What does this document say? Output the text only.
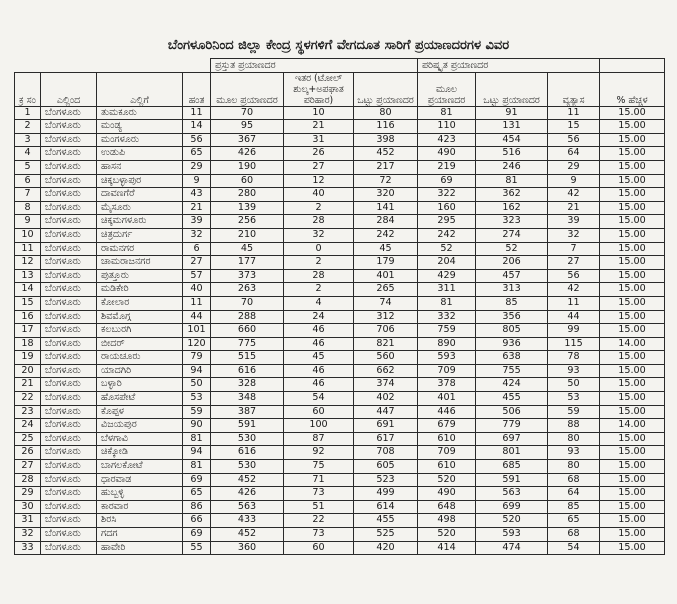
ಬೆಂಗಳೂರಿನಿಂದ ಜಿಲ್ಲಾ ಕೇಂದ್ರ ಸ್ಥಳಗಳಿಗೆ ವೇಗದೂತ ಸಾರಿಗೆ ಪ್ರಯಾಣದರಗಳ ವಿವರ
				ಪ್ರಸ್ತುತ ಪ್ರಯಾಣದರ			ಪರಿಷ್ಕೃತ ಪ್ರಯಾಣದರ			
ಕ್ರ ಸಂ	ಎಲ್ಲಿಂದ	ಎಲ್ಲಿಗೆ	ಹಂತ	ಮೂಲ ಪ್ರಯಾಣದರ	ಇತರ (ಟೋಲ್ ಶುಲ್ಕ+ಅಪಘಾತ ಪರಿಹಾರ)	ಒಟ್ಟು ಪ್ರಯಾಣದರ	ಮೂಲ ಪ್ರಯಾಣದರ	ಒಟ್ಟು ಪ್ರಯಾಣದರ	ವ್ಯತ್ಯಾಸ	% ಹೆಚ್ಚಳ
1	ಬೆಂಗಳೂರು	ತುಮಕೂರು	11	70	10	80	81	91	11	15.00
2	ಬೆಂಗಳೂರು	ಮಂಡ್ಯ	14	95	21	116	110	131	15	15.00
3	ಬೆಂಗಳೂರು	ಮಂಗಳೂರು	56	367	31	398	423	454	56	15.00
4	ಬೆಂಗಳೂರು	ಉಡುಪಿ	65	426	26	452	490	516	64	15.00
5	ಬೆಂಗಳೂರು	ಹಾಸನ	29	190	27	217	219	246	29	15.00
6	ಬೆಂಗಳೂರು	ಚಿಕ್ಕಬಳ್ಳಾಪುರ	9	60	12	72	69	81	9	15.00
7	ಬೆಂಗಳೂರು	ದಾವಣಗೆರೆ	43	280	40	320	322	362	42	15.00
8	ಬೆಂಗಳೂರು	ಮೈಸೂರು	21	139	2	141	160	162	21	15.00
9	ಬೆಂಗಳೂರು	ಚಿಕ್ಕಮಗಳೂರು	39	256	28	284	295	323	39	15.00
10	ಬೆಂಗಳೂರು	ಚಿತ್ರದುರ್ಗ	32	210	32	242	242	274	32	15.00
11	ಬೆಂಗಳೂರು	ರಾಮನಗರ	6	45	0	45	52	52	7	15.00
12	ಬೆಂಗಳೂರು	ಚಾಮರಾಜನಗರ	27	177	2	179	204	206	27	15.00
13	ಬೆಂಗಳೂರು	ಪುತ್ತೂರು	57	373	28	401	429	457	56	15.00
14	ಬೆಂಗಳೂರು	ಮಡಿಕೇರಿ	40	263	2	265	311	313	42	15.00
15	ಬೆಂಗಳೂರು	ಕೋಲಾರ	11	70	4	74	81	85	11	15.00
16	ಬೆಂಗಳೂರು	ಶಿವಮೊಗ್ಗ	44	288	24	312	332	356	44	15.00
17	ಬೆಂಗಳೂರು	ಕಲಬುರಗಿ	101	660	46	706	759	805	99	15.00
18	ಬೆಂಗಳೂರು	ಬೀದರ್	120	775	46	821	890	936	115	14.00
19	ಬೆಂಗಳೂರು	ರಾಯಚೂರು	79	515	45	560	593	638	78	15.00
20	ಬೆಂಗಳೂರು	ಯಾದಗಿರಿ	94	616	46	662	709	755	93	15.00
21	ಬೆಂಗಳೂರು	ಬಳ್ಳಾರಿ	50	328	46	374	378	424	50	15.00
22	ಬೆಂಗಳೂರು	ಹೊಸಪೇಟೆ	53	348	54	402	401	455	53	15.00
23	ಬೆಂಗಳೂರು	ಕೊಪ್ಪಳ	59	387	60	447	446	506	59	15.00
24	ಬೆಂಗಳೂರು	ವಿಜಯಪುರ	90	591	100	691	679	779	88	14.00
25	ಬೆಂಗಳೂರು	ಬೆಳಗಾವಿ	81	530	87	617	610	697	80	15.00
26	ಬೆಂಗಳೂರು	ಚಿಕ್ಕೋಡಿ	94	616	92	708	709	801	93	15.00
27	ಬೆಂಗಳೂರು	ಬಾಗಲಕೋಟೆ	81	530	75	605	610	685	80	15.00
28	ಬೆಂಗಳೂರು	ಧಾರವಾಡ	69	452	71	523	520	591	68	15.00
29	ಬೆಂಗಳೂರು	ಹುಬ್ಬಳ್ಳಿ	65	426	73	499	490	563	64	15.00
30	ಬೆಂಗಳೂರು	ಕಾರವಾರ	86	563	51	614	648	699	85	15.00
31	ಬೆಂಗಳೂರು	ಶಿರಸಿ	66	433	22	455	498	520	65	15.00
32	ಬೆಂಗಳೂರು	ಗದಗ	69	452	73	525	520	593	68	15.00
33	ಬೆಂಗಳೂರು	ಹಾವೇರಿ	55	360	60	420	414	474	54	15.00
